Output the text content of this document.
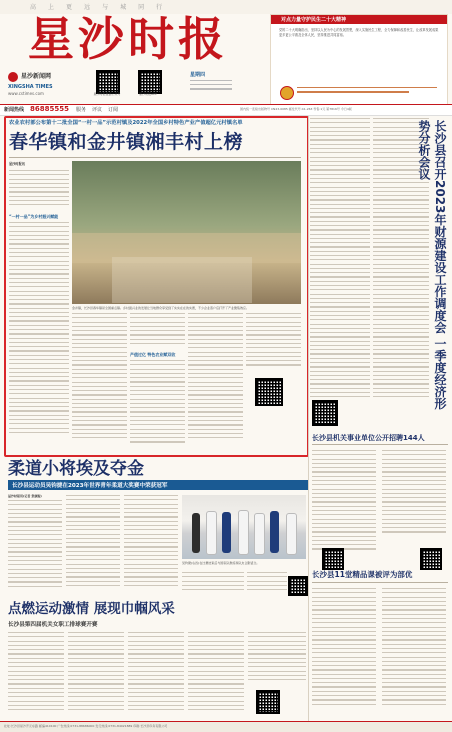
高上更远与城同行
星沙时报
星沙新闻网
XINGSHA TIMES
www.cstimes.com	星沙时报微信公众号	星沙时报APP
星期四
对点力量守护民生二十大精神
党的二十大明确指出，坚持以人民为中心的发展思想，深入实施民生工程，全力保障和改善民生，让改革发展成果更多更公平惠及全体人民，坚持推进共同富裕。
新闻热线 86885555 服务 评议 订阅	国内统一连续出版物号 CN43-0085 邮发代号:41-263 零售:1元 第7816号 今日4版
农业农村部公布第十二批全国“一村一品”示范村镇及2022年全国乡村特色产业产值超亿元村镇名单
春华镇和金井镇湘丰村上榜
星沙时报讯
“一村一品”为乡村振兴赋能
金井镇，长沙县春华镇是全国重点镇。乡村振兴业的发展让当地群众享受到了实实在在的实惠，不少企业落户后打开了产业聚集效应。
产值过亿 特色农业赋双收	长沙县召开2023年财源建设工作调度会 一季度经济形势分析会议
柔道小将埃及夺金
长沙县运动员吴钧捷在2023年世界青年柔道大奖赛中荣获冠军
星沙时报讯(记者 张康妮)
吴钧捷(右四)在比赛结束后与国家队教练和队友合影留念。
长沙县机关事业单位公开招聘144人
点燃运动激情 展现巾帼风采
长沙县第四届机关女职工排球赛开赛
长沙县11堂精品课被评为部优
社址:长沙县星沙开元东路 邮编410100 广告热线:0731-88686000 发行热线:0731-84021889 印刷:长沙县印务有限公司
